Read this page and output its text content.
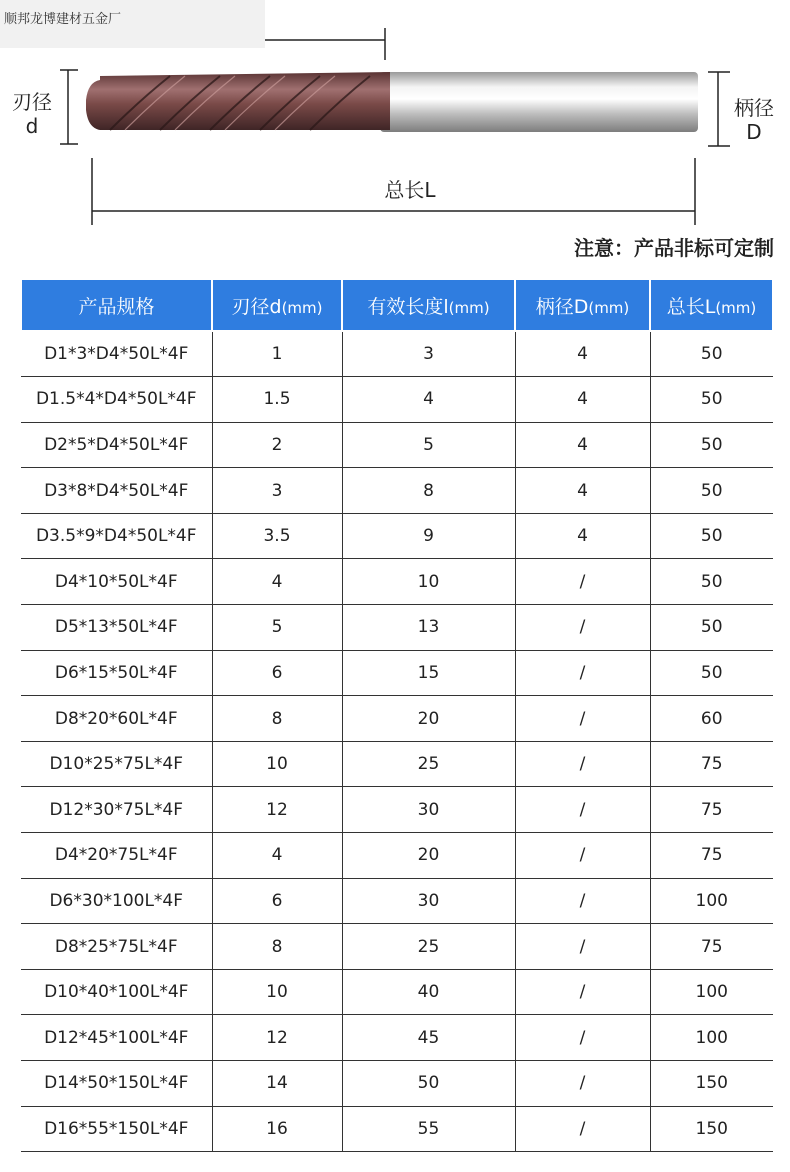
刃径
d
柄径
D
总长L
顺邦龙博建材五金厂
注意：产品非标可定制
产品规格	刃径d(mm)	有效长度l(mm)	柄径D(mm)	总长L(mm)
D1*3*D4*50L*4F	1	3	4	50
D1.5*4*D4*50L*4F	1.5	4	4	50
D2*5*D4*50L*4F	2	5	4	50
D3*8*D4*50L*4F	3	8	4	50
D3.5*9*D4*50L*4F	3.5	9	4	50
D4*10*50L*4F	4	10	/	50
D5*13*50L*4F	5	13	/	50
D6*15*50L*4F	6	15	/	50
D8*20*60L*4F	8	20	/	60
D10*25*75L*4F	10	25	/	75
D12*30*75L*4F	12	30	/	75
D4*20*75L*4F	4	20	/	75
D6*30*100L*4F	6	30	/	100
D8*25*75L*4F	8	25	/	75
D10*40*100L*4F	10	40	/	100
D12*45*100L*4F	12	45	/	100
D14*50*150L*4F	14	50	/	150
D16*55*150L*4F	16	55	/	150
